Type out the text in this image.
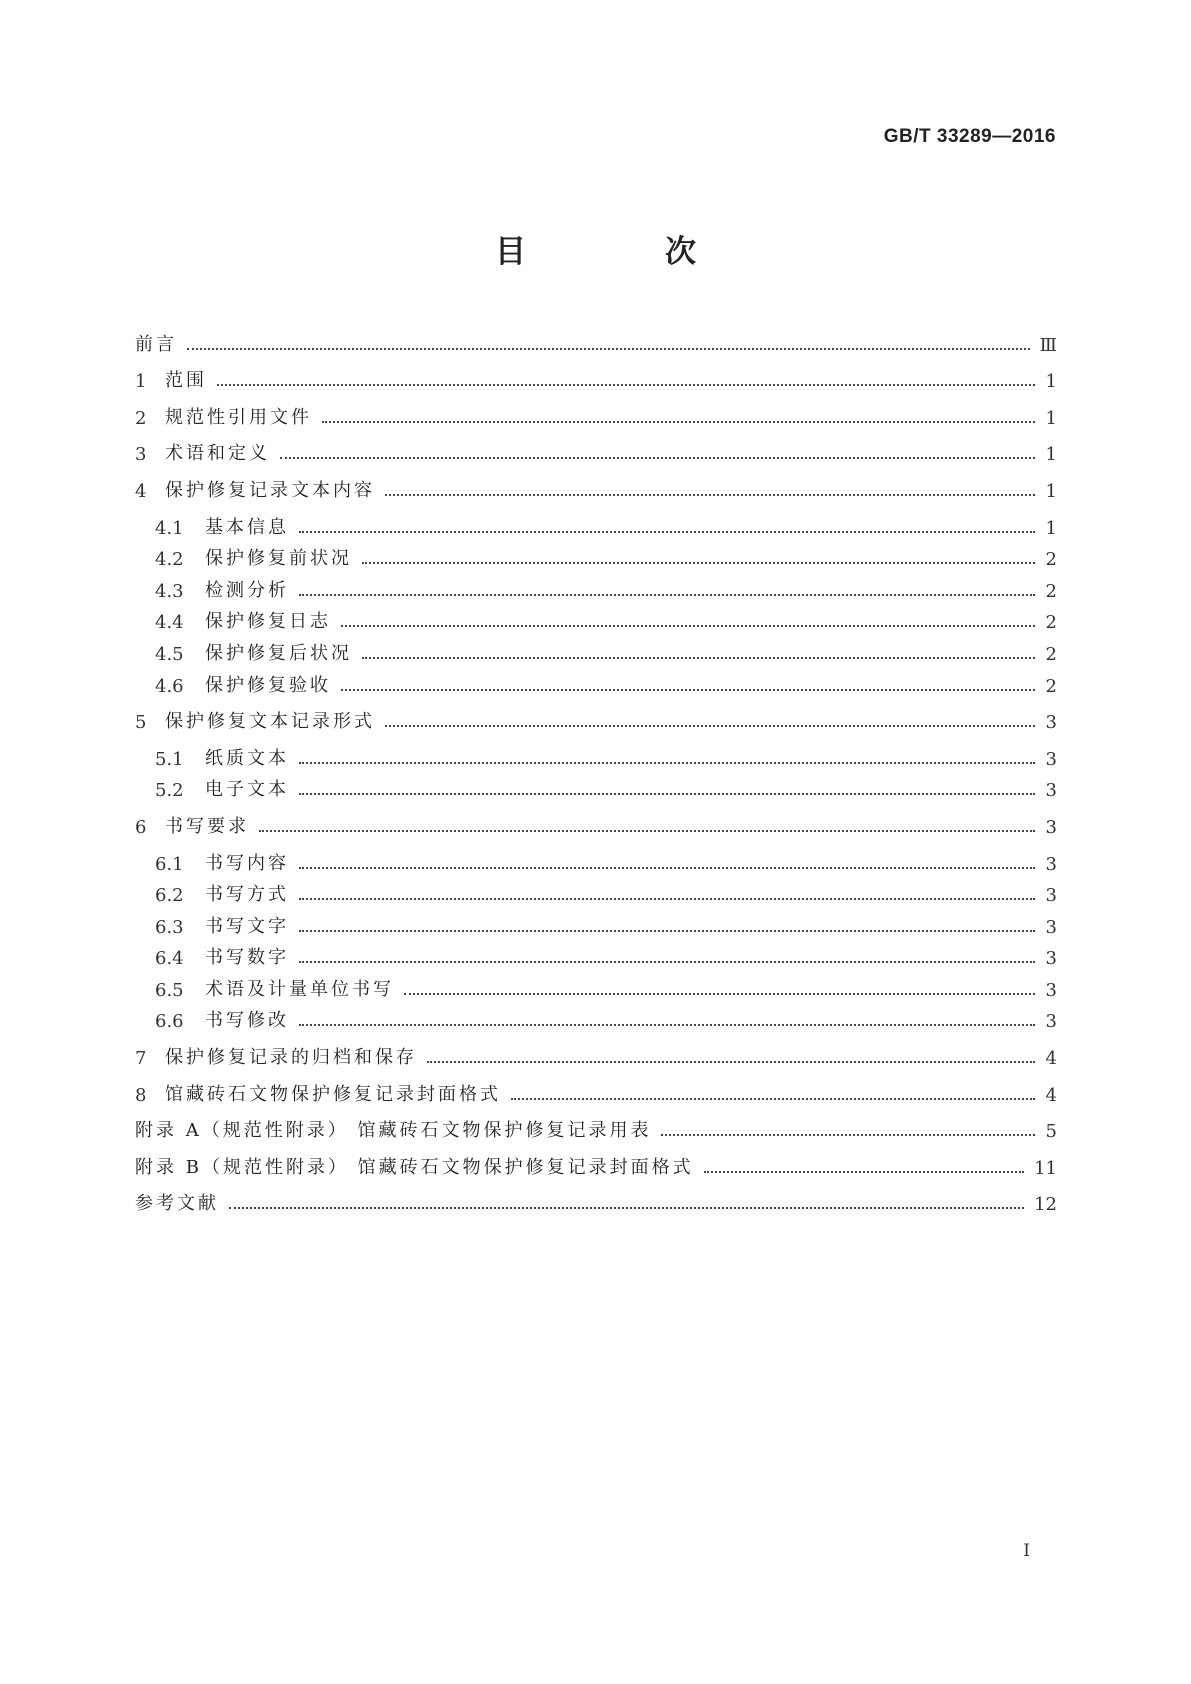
GB/T 33289—2016
目　次
前言	Ⅲ
1	范围	1
2	规范性引用文件	1
3	术语和定义	1
4	保护修复记录文本内容	1
4.1	基本信息	1
4.2	保护修复前状况	2
4.3	检测分析	2
4.4	保护修复日志	2
4.5	保护修复后状况	2
4.6	保护修复验收	2
5	保护修复文本记录形式	3
5.1	纸质文本	3
5.2	电子文本	3
6	书写要求	3
6.1	书写内容	3
6.2	书写方式	3
6.3	书写文字	3
6.4	书写数字	3
6.5	术语及计量单位书写	3
6.6	书写修改	3
7	保护修复记录的归档和保存	4
8	馆藏砖石文物保护修复记录封面格式	4
附录 A（规范性附录） 馆藏砖石文物保护修复记录用表	5
附录 B（规范性附录） 馆藏砖石文物保护修复记录封面格式	11
参考文献	12
I
